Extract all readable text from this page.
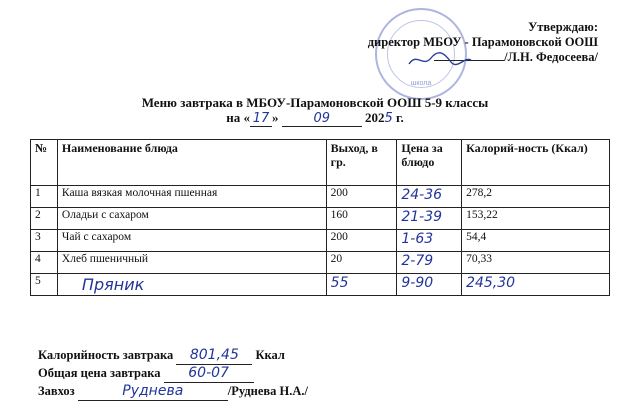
школа
Утверждаю:
директор МБОУ - Парамоновской ООШ
/Л.Н. Федосеева/
Меню завтрака в МБОУ-Парамоновской ООШ 5-9 классы
на « 17 »	09	2025 г.
№	Наименование блюда	Выход, в гр.	Цена за блюдо	Калорий-ность (Ккал)
1	Каша вязкая молочная пшенная	200	24-36	278,2
2	Оладьи с сахаром	160	21-39	153,22
3	Чай с сахаром	200	1-63	54,4
4	Хлеб пшеничный	20	2-79	70,33
5	Пряник	55	9-90	245,30
Калорийность завтрака 801,45 Ккал
Общая цена завтрака 60-07
Завхоз	Руднева	/Руднева Н.А./
